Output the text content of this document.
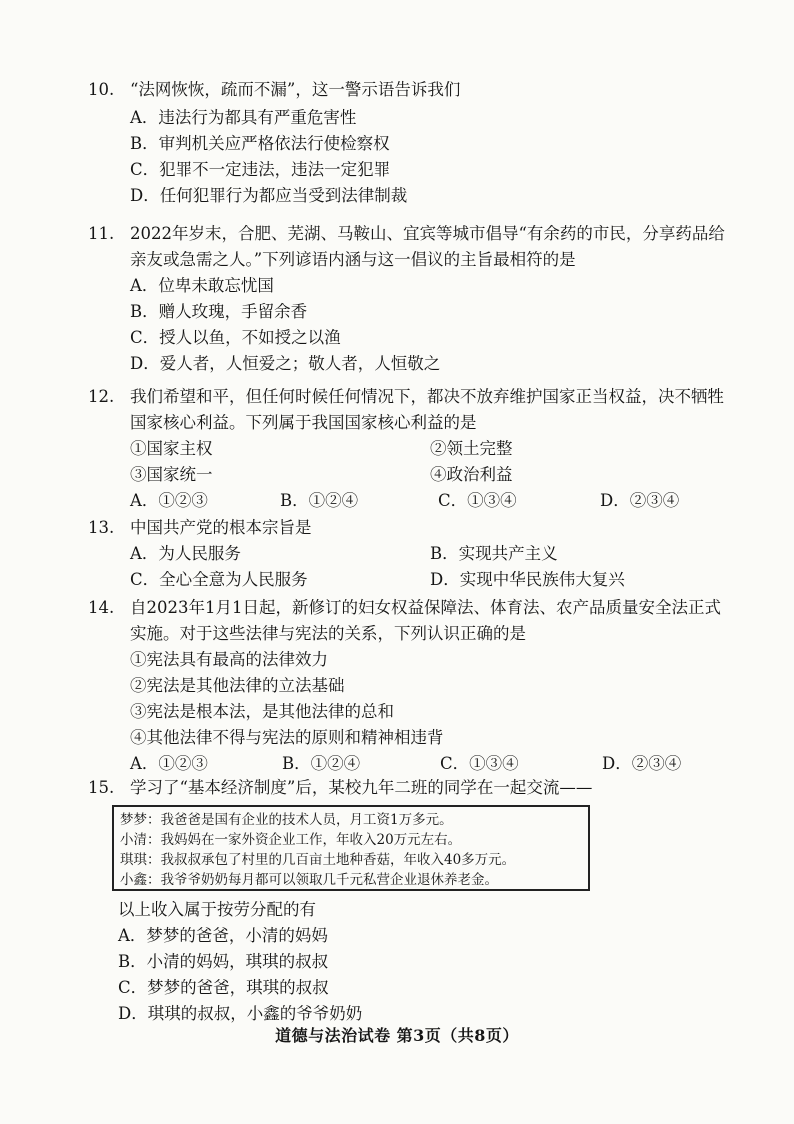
10. “法网恢恢，疏而不漏”，这一警示语告诉我们
A．违法行为都具有严重危害性
B．审判机关应严格依法行使检察权
C．犯罪不一定违法，违法一定犯罪
D．任何犯罪行为都应当受到法律制裁
11. 2022年岁末，合肥、芜湖、马鞍山、宜宾等城市倡导“有余药的市民，分享药品给
亲友或急需之人。”下列谚语内涵与这一倡议的主旨最相符的是
A．位卑未敢忘忧国
B．赠人玫瑰，手留余香
C．授人以鱼，不如授之以渔
D．爱人者，人恒爱之；敬人者，人恒敬之
12. 我们希望和平，但任何时候任何情况下，都决不放弃维护国家正当权益，决不牺牲
国家核心利益。下列属于我国国家核心利益的是
①国家主权	②领土完整
③国家统一	④政治利益
A．①②③	B．①②④	C．①③④	D．②③④
13. 中国共产党的根本宗旨是
A．为人民服务	B．实现共产主义
C．全心全意为人民服务	D．实现中华民族伟大复兴
14. 自2023年1月1日起，新修订的妇女权益保障法、体育法、农产品质量安全法正式
实施。对于这些法律与宪法的关系，下列认识正确的是
①宪法具有最高的法律效力
②宪法是其他法律的立法基础
③宪法是根本法，是其他法律的总和
④其他法律不得与宪法的原则和精神相违背
A．①②③	B．①②④	C．①③④	D．②③④
15. 学习了“基本经济制度”后，某校九年二班的同学在一起交流——
梦梦：我爸爸是国有企业的技术人员，月工资1万多元。
小清：我妈妈在一家外资企业工作，年收入20万元左右。
琪琪：我叔叔承包了村里的几百亩土地种香菇，年收入40多万元。
小鑫：我爷爷奶奶每月都可以领取几千元私营企业退休养老金。
以上收入属于按劳分配的有
A．梦梦的爸爸，小清的妈妈
B．小清的妈妈，琪琪的叔叔
C．梦梦的爸爸，琪琪的叔叔
D．琪琪的叔叔，小鑫的爷爷奶奶
道德与法治试卷 第3页（共8页）
